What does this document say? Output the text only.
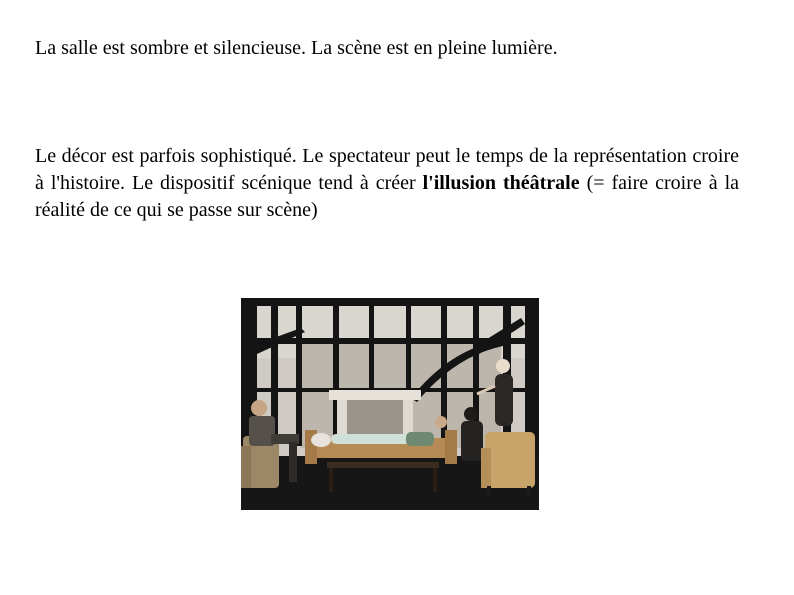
La salle est sombre et silencieuse. La scène est en pleine lumière.
Le décor est parfois sophistiqué. Le spectateur peut le temps de la représentation croire à l'histoire. Le dispositif scénique tend à créer l'illusion théâtrale (= faire croire à la réalité de ce qui se passe sur scène)
